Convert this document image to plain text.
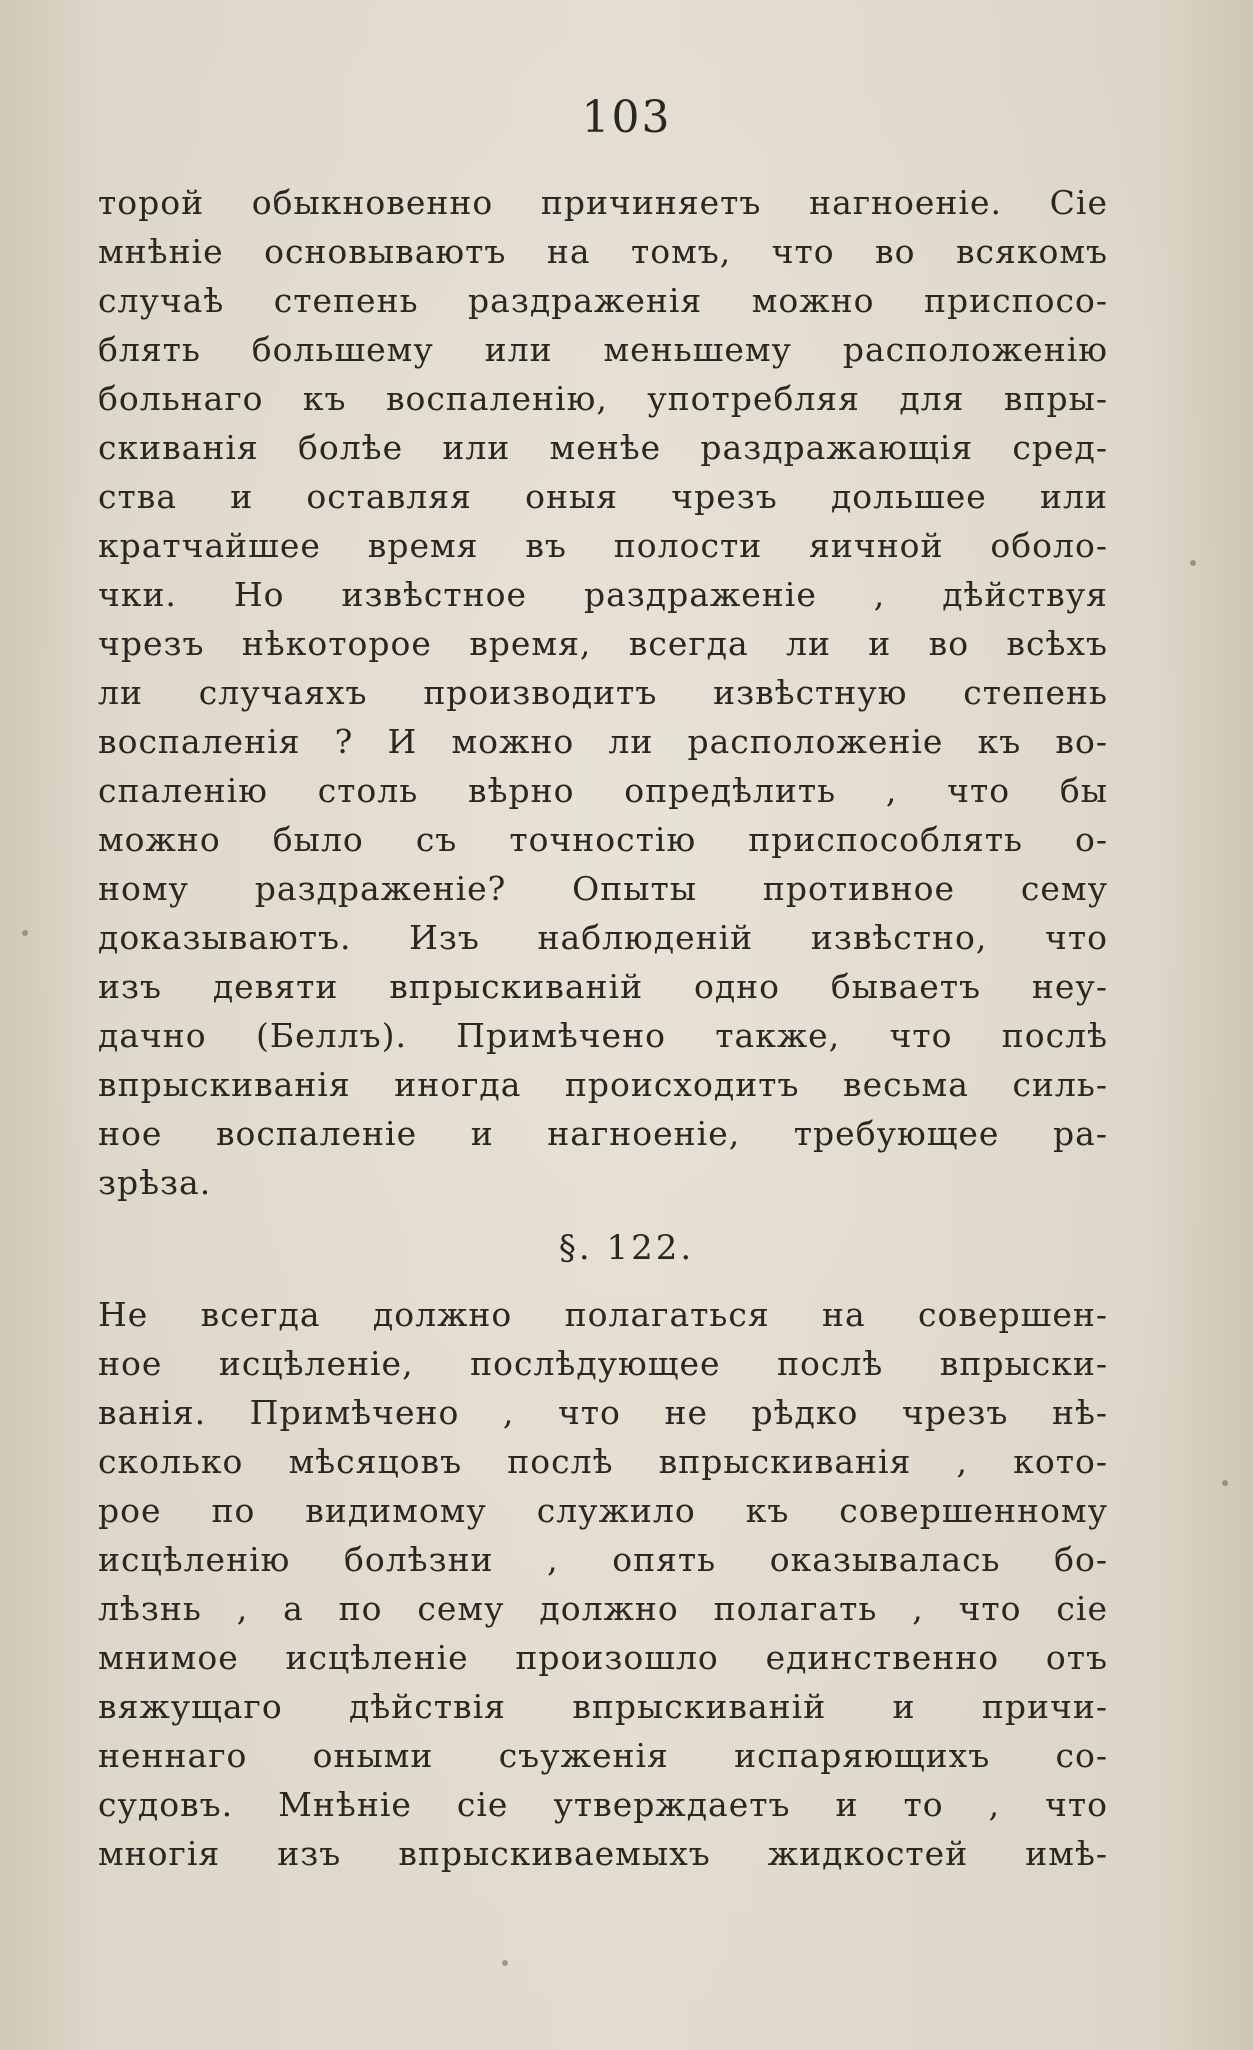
103
торой обыкновенно причиняетъ нагноеніе. Сіе
мнѣніе основываютъ на томъ, что во всякомъ
случаѣ степень раздраженія можно приспосо-
блять большему или меньшему расположенію
больнаго къ воспаленію, употребляя для впры-
скиванія болѣе или менѣе раздражающія сред-
ства и оставляя оныя чрезъ дольшее или
кратчайшее время въ полости яичной оболо-
чки. Но извѣстное раздраженіе , дѣйствуя
чрезъ нѣкоторое время, всегда ли и во всѣхъ
ли случаяхъ производитъ извѣстную степень
воспаленія ? И можно ли расположеніе къ во-
спаленію столь вѣрно опредѣлить , что бы
можно было съ точностію приспособлять о-
ному раздраженіе? Опыты противное сему
доказываютъ. Изъ наблюденій извѣстно, что
изъ девяти впрыскиваній одно бываетъ неу-
дачно (Беллъ). Примѣчено также, что послѣ
впрыскиванія иногда происходитъ весьма силь-
ное воспаленіе и нагноеніе, требующее ра-
зрѣза.
§. 122.
Не всегда должно полагаться на совершен-
ное исцѣленіе, послѣдующее послѣ впрыски-
ванія. Примѣчено , что не рѣдко чрезъ нѣ-
сколько мѣсяцовъ послѣ впрыскиванія , кото-
рое по видимому служило къ совершенному
исцѣленію болѣзни , опять оказывалась бо-
лѣзнь , а по сему должно полагать , что сіе
мнимое исцѣленіе произошло единственно отъ
вяжущаго дѣйствія впрыскиваній и причи-
неннаго оными съуженія испаряющихъ со-
судовъ. Мнѣніе сіе утверждаетъ и то , что
многія изъ впрыскиваемыхъ жидкостей имѣ-
